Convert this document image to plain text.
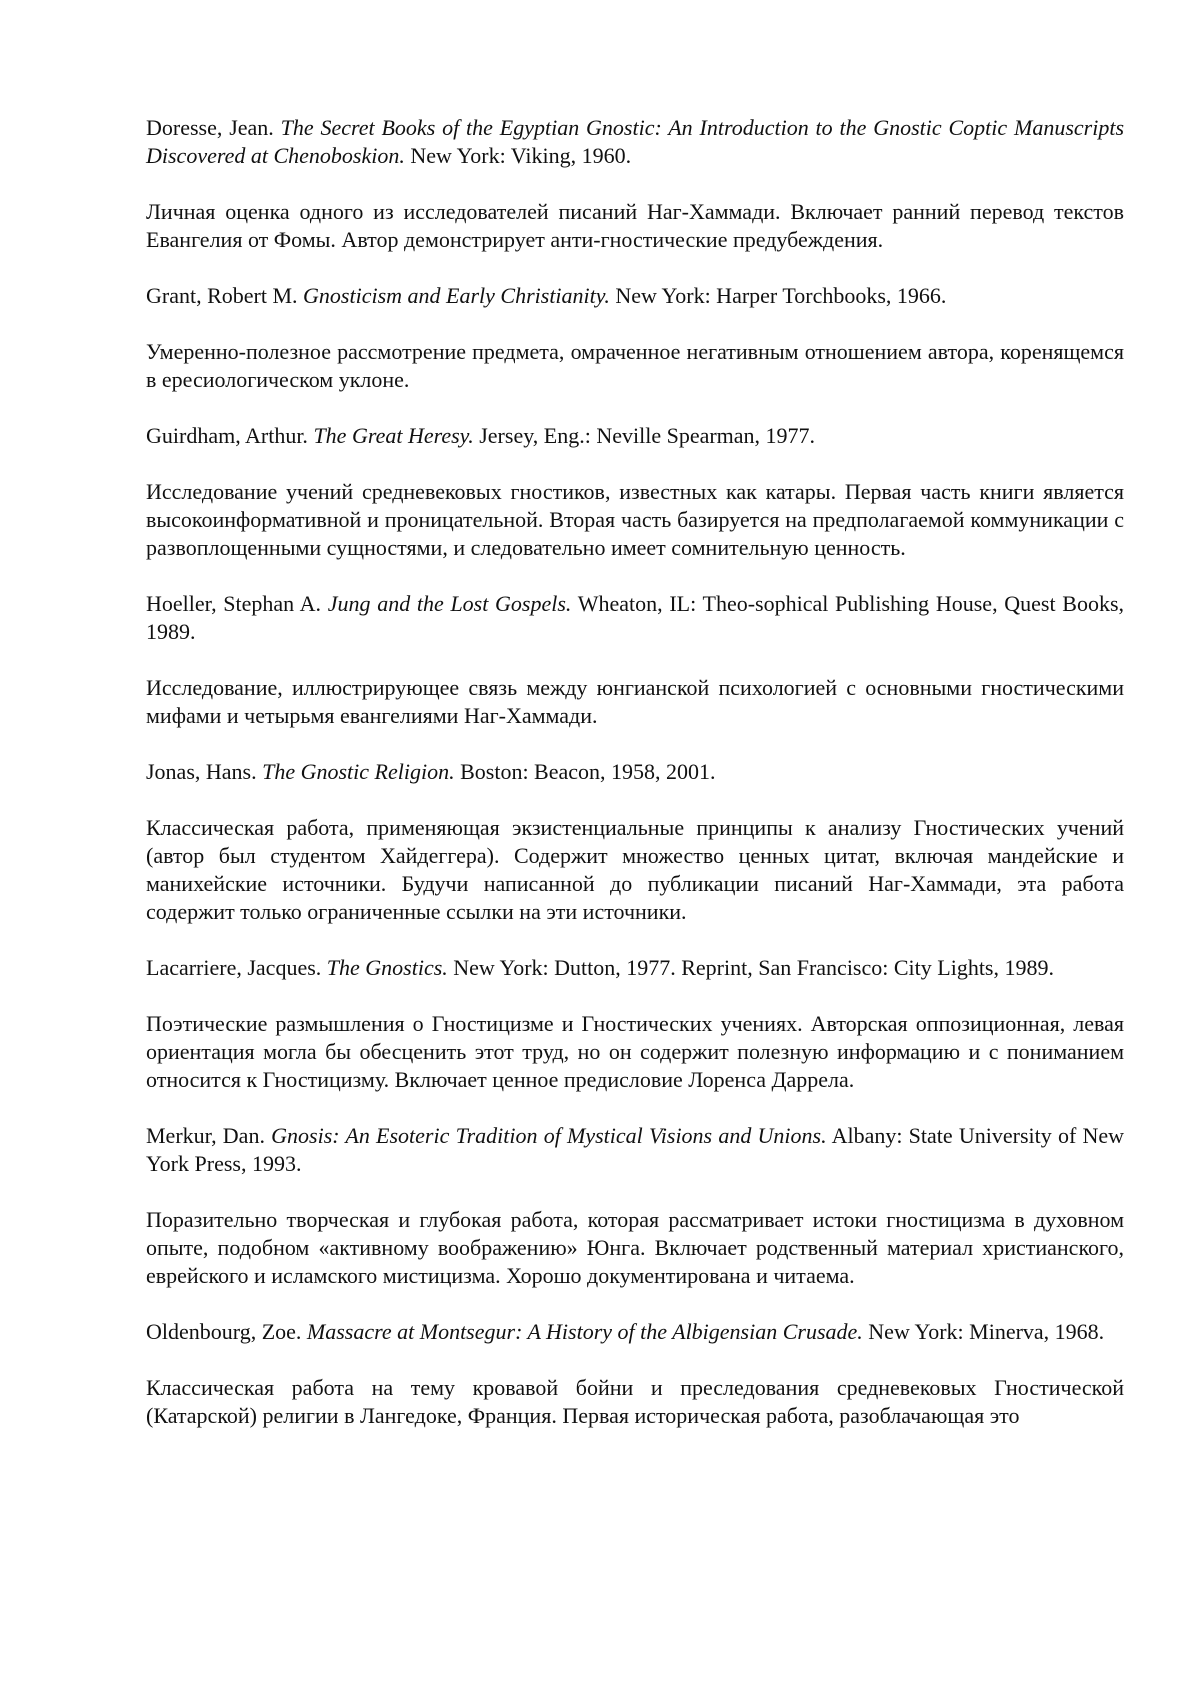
Doresse, Jean. The Secret Books of the Egyptian Gnostic: An Introduction to the Gnostic Coptic Manuscripts Discovered at Chenoboskion. New York: Viking, 1960.

Личная оценка одного из исследователей писаний Наг-Хаммади. Включает ранний перевод текстов Евангелия от Фомы. Автор демонстрирует анти-гностические предубеждения.

Grant, Robert M. Gnosticism and Early Christianity. New York: Harper Torchbooks, 1966.

Умеренно-полезное рассмотрение предмета, омраченное негативным отношением автора, коренящемся в ересиологическом уклоне.

Guirdham, Arthur. The Great Heresy. Jersey, Eng.: Neville Spearman, 1977.

Исследование учений средневековых гностиков, известных как катары. Первая часть книги является высокоинформативной и проницательной. Вторая часть базируется на предполагаемой коммуникации с развоплощенными сущностями, и следовательно имеет сомнительную ценность.

Hoeller, Stephan A. Jung and the Lost Gospels. Wheaton, IL: Theo-sophical Publishing House, Quest Books, 1989.

Исследование, иллюстрирующее связь между юнгианской психологией с основными гностическими мифами и четырьмя евангелиями Наг-Хаммади.

Jonas, Hans. The Gnostic Religion. Boston: Beacon, 1958, 2001.

Классическая работа, применяющая экзистенциальные принципы к анализу Гностических учений (автор был студентом Хайдеггера). Содержит множество ценных цитат, включая мандейские и манихейские источники. Будучи написанной до публикации писаний Наг-Хаммади, эта работа содержит только ограниченные ссылки на эти источники.

Lacarriere, Jacques. The Gnostics. New York: Dutton, 1977. Reprint, San Francisco: City Lights, 1989.

Поэтические размышления о Гностицизме и Гностических учениях. Авторская оппозиционная, левая ориентация могла бы обесценить этот труд, но он содержит полезную информацию и с пониманием относится к Гностицизму. Включает ценное предисловие Лоренса Даррела.

Merkur, Dan. Gnosis: An Esoteric Tradition of Mystical Visions and Unions. Albany: State University of New York Press, 1993.

Поразительно творческая и глубокая работа, которая рассматривает истоки гностицизма в духовном опыте, подобном «активному воображению» Юнга. Включает родственный материал христианского, еврейского и исламского мистицизма. Хорошо документирована и читаема.

Oldenbourg, Zoe. Massacre at Montsegur: A History of the Albigensian Crusade. New York: Minerva, 1968.

Классическая работа на тему кровавой бойни и преследования средневековых Гностической (Катарской) религии в Лангедоке, Франция. Первая историческая работа, разоблачающая это
